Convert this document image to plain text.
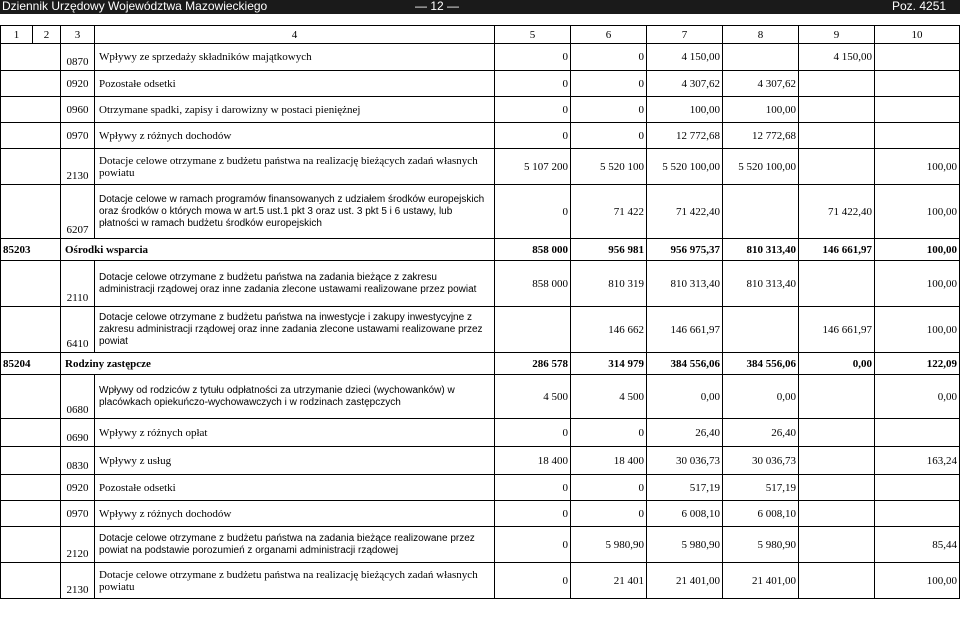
Dziennik Urzędowy Województwa Mazowieckiego	— 12 —	Poz. 4251
1	2	3	4	5	6	7	8	9	10
		0870	Wpływy ze sprzedaży składników majątkowych	0	0	4 150,00		4 150,00	
		0920	Pozostałe odsetki	0	0	4 307,62	4 307,62		
		0960	Otrzymane spadki, zapisy i darowizny w postaci pieniężnej	0	0	100,00	100,00		
		0970	Wpływy z różnych dochodów	0	0	12 772,68	12 772,68		
		2130	Dotacje celowe otrzymane z budżetu państwa na realizację bieżących zadań własnych powiatu	5 107 200	5 520 100	5 520 100,00	5 520 100,00		100,00
		6207	Dotacje celowe w ramach programów finansowanych z udziałem środków europejskich oraz środków o których mowa w art.5 ust.1 pkt 3 oraz ust. 3 pkt 5 i 6 ustawy, lub płatności w ramach budżetu środków europejskich	0	71 422	71 422,40		71 422,40	100,00
85203		Ośrodki wsparcia		858 000	956 981	956 975,37	810 313,40	146 661,97	100,00
		2110	Dotacje celowe otrzymane z budżetu państwa na zadania bieżące z zakresu administracji rządowej oraz inne zadania zlecone ustawami realizowane przez powiat	858 000	810 319	810 313,40	810 313,40		100,00
		6410	Dotacje celowe otrzymane z budżetu państwa na inwestycje i zakupy inwestycyjne z zakresu administracji rządowej oraz inne zadania zlecone ustawami realizowane przez powiat		146 662	146 661,97		146 661,97	100,00
85204		Rodziny zastępcze		286 578	314 979	384 556,06	384 556,06	0,00	122,09
		0680	Wpływy od rodziców z tytułu odpłatności za utrzymanie dzieci (wychowanków) w placówkach opiekuńczo-wychowawczych i w rodzinach zastępczych	4 500	4 500	0,00	0,00		0,00
		0690	Wpływy z różnych opłat	0	0	26,40	26,40		
		0830	Wpływy z usług	18 400	18 400	30 036,73	30 036,73		163,24
		0920	Pozostałe odsetki	0	0	517,19	517,19		
		0970	Wpływy z różnych dochodów	0	0	6 008,10	6 008,10		
		2120	Dotacje celowe otrzymane z budżetu państwa na zadania bieżące realizowane przez powiat na podstawie porozumień z organami administracji rządowej	0	5 980,90	5 980,90	5 980,90		85,44
		2130	Dotacje celowe otrzymane z budżetu państwa na realizację bieżących zadań własnych powiatu	0	21 401	21 401,00	21 401,00		100,00
